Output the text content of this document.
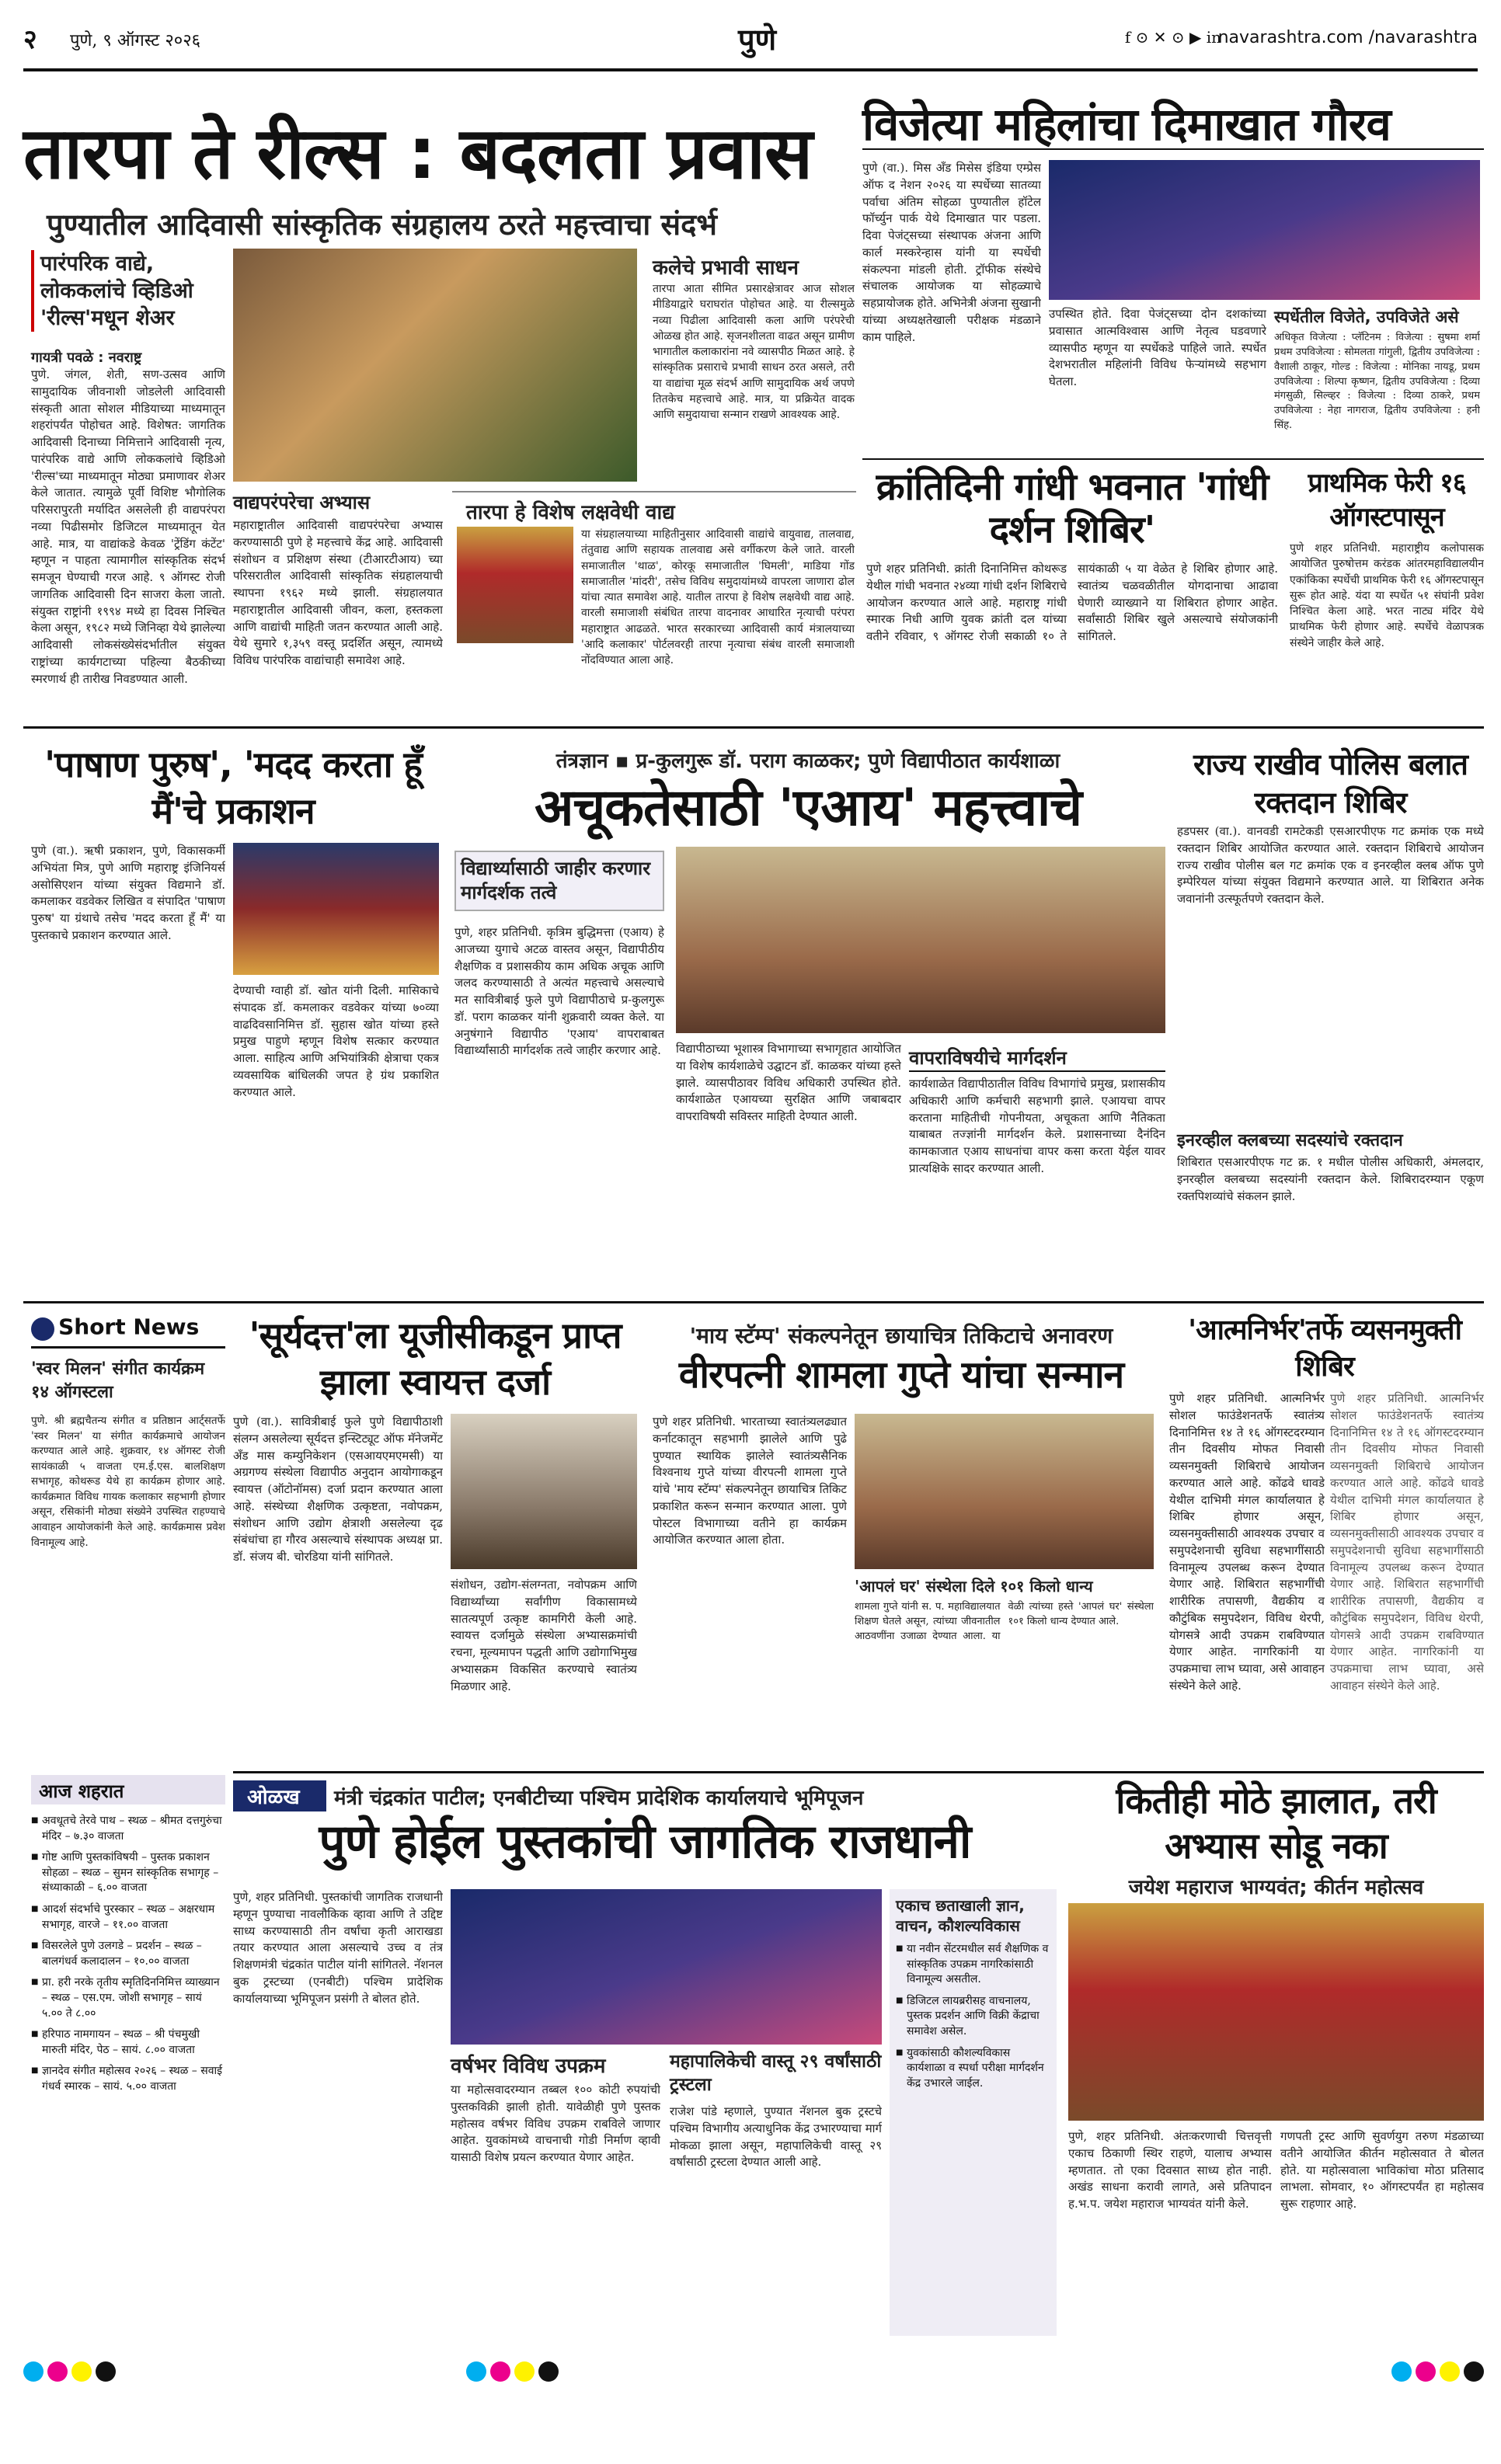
२ पुणे, ९ ऑगस्ट २०२६	पुणे	f ⊙ ✕ ⊙ ▶ in
navarashtra.com /navarashtra
तारपा ते रील्स : बदलता प्रवास
पुण्यातील आदिवासी सांस्कृतिक संग्रहालय ठरते महत्त्वाचा संदर्भ
पारंपरिक वाद्ये, लोककलांचे व्हिडिओ 'रील्स'मधून शेअर
कलेचे प्रभावी साधन
तारपा आता सीमित प्रसारक्षेत्रावर आज सोशल मीडियाद्वारे घराघरांत पोहोचत आहे. या रील्समुळे नव्या पिढीला आदिवासी कला आणि परंपरेची ओळख होत आहे. सृजनशीलता वाढत असून ग्रामीण भागातील कलाकारांना नवे व्यासपीठ मिळत आहे. हे सांस्कृतिक प्रसाराचे प्रभावी साधन ठरत असले, तरी या वाद्यांचा मूळ संदर्भ आणि सामुदायिक अर्थ जपणे तितकेच महत्त्वाचे आहे. मात्र, या प्रक्रियेत वादक आणि समुदायाचा सन्मान राखणे आवश्यक आहे.
गायत्री पवळे : नवराष्ट्र
पुणे. जंगल, शेती, सण-उत्सव आणि सामुदायिक जीवनाशी जोडलेली आदिवासी संस्कृती आता सोशल मीडियाच्या माध्यमातून शहरांपर्यंत पोहोचत आहे. विशेषत: जागतिक आदिवासी दिनाच्या निमित्ताने आदिवासी नृत्य, पारंपरिक वाद्ये आणि लोककलांचे व्हिडिओ 'रील्स'च्या माध्यमातून मोठ्या प्रमाणावर शेअर केले जातात. त्यामुळे पूर्वी विशिष्ट भौगोलिक परिसरापुरती मर्यादित असलेली ही वाद्यपरंपरा नव्या पिढीसमोर डिजिटल माध्यमातून येत आहे. मात्र, या वाद्यांकडे केवळ 'ट्रेंडिंग कंटेंट' म्हणून न पाहता त्यामागील सांस्कृतिक संदर्भ समजून घेण्याची गरज आहे. ९ ऑगस्ट रोजी जागतिक आदिवासी दिन साजरा केला जातो. संयुक्त राष्ट्रांनी १९९४ मध्ये हा दिवस निश्चित केला असून, १९८२ मध्ये जिनिव्हा येथे झालेल्या आदिवासी लोकसंख्येसंदर्भातील संयुक्त राष्ट्रांच्या कार्यगटाच्या पहिल्या बैठकीच्या स्मरणार्थ ही तारीख निवडण्यात आली.
वाद्यपरंपरेचा अभ्यास
महाराष्ट्रातील आदिवासी वाद्यपरंपरेचा अभ्यास करण्यासाठी पुणे हे महत्त्वाचे केंद्र आहे. आदिवासी संशोधन व प्रशिक्षण संस्था (टीआरटीआय) च्या परिसरातील आदिवासी सांस्कृतिक संग्रहालयाची स्थापना १९६२ मध्ये झाली. संग्रहालयात महाराष्ट्रातील आदिवासी जीवन, कला, हस्तकला आणि वाद्यांची माहिती जतन करण्यात आली आहे. येथे सुमारे १,३५९ वस्तू प्रदर्शित असून, त्यामध्ये विविध पारंपरिक वाद्यांचाही समावेश आहे.
तारपा हे विशेष लक्षवेधी वाद्य
या संग्रहालयाच्या माहितीनुसार आदिवासी वाद्यांचे वायुवाद्य, तालवाद्य, तंतुवाद्य आणि सहायक तालवाद्य असे वर्गीकरण केले जाते. वारली समाजातील 'थाळ', कोरकू समाजातील 'घिमली', माडिया गोंड समाजातील 'मांदरी', तसेच विविध समुदायांमध्ये वापरला जाणारा ढोल यांचा त्यात समावेश आहे. यातील तारपा हे विशेष लक्षवेधी वाद्य आहे. वारली समाजाशी संबंधित तारपा वादनावर आधारित नृत्याची परंपरा महाराष्ट्रात आढळते. भारत सरकारच्या आदिवासी कार्य मंत्रालयाच्या 'आदि कलाकार' पोर्टलवरही तारपा नृत्याचा संबंध वारली समाजाशी नोंदविण्यात आला आहे.
विजेत्या महिलांचा दिमाखात गौरव
पुणे (वा.). मिस अँड मिसेस इंडिया एम्प्रेस ऑफ द नेशन २०२६ या स्पर्धेच्या सातव्या पर्वाचा अंतिम सोहळा पुण्यातील हॉटेल फॉर्च्युन पार्क येथे दिमाखात पार पडला. दिवा पेजंट्सच्या संस्थापक अंजना आणि कार्ल मस्करेन्हास यांनी या स्पर्धेची संकल्पना मांडली होती. ट्रॉफीक संस्थेचे संचालक आयोजक या सोहळ्याचे सहप्रायोजक होते. अभिनेत्री अंजना सुखानी यांच्या अध्यक्षतेखाली परीक्षक मंडळाने काम पाहिले.
उपस्थित होते. दिवा पेजंट्सच्या दोन दशकांच्या प्रवासात आत्मविश्वास आणि नेतृत्व घडवणारे व्यासपीठ म्हणून या स्पर्धेकडे पाहिले जाते. स्पर्धेत देशभरातील महिलांनी विविध फेऱ्यांमध्ये सहभाग घेतला.
स्पर्धेतील विजेते, उपविजेते असे
अधिकृत विजेत्या : प्लॅटिनम : विजेत्या : सुषमा शर्मा प्रथम उपविजेत्या : सोमलता गांगुली, द्वितीय उपविजेत्या : वैशाली ठाकूर, गोल्ड : विजेत्या : मोनिका नायडू, प्रथम उपविजेत्या : शिल्पा कृष्णन, द्वितीय उपविजेत्या : दिव्या मंगसुळी, सिल्व्हर : विजेत्या : दिव्या ठाकरे, प्रथम उपविजेत्या : नेहा नागराज, द्वितीय उपविजेत्या : हनी सिंह.
क्रांतिदिनी गांधी भवनात 'गांधी दर्शन शिबिर'
पुणे शहर प्रतिनिधी. क्रांती दिनानिमित्त कोथरूड येथील गांधी भवनात २४व्या गांधी दर्शन शिबिराचे आयोजन करण्यात आले आहे. महाराष्ट्र गांधी स्मारक निधी आणि युवक क्रांती दल यांच्या वतीने रविवार, ९ ऑगस्ट रोजी सकाळी १० ते सायंकाळी ५ या वेळेत हे शिबिर होणार आहे. स्वातंत्र्य चळवळीतील योगदानाचा आढावा घेणारी व्याख्याने या शिबिरात होणार आहेत. सर्वांसाठी शिबिर खुले असल्याचे संयोजकांनी सांगितले.
प्राथमिक फेरी १६ ऑगस्टपासून
पुणे शहर प्रतिनिधी. महाराष्ट्रीय कलोपासक आयोजित पुरुषोत्तम करंडक आंतरमहाविद्यालयीन एकांकिका स्पर्धेची प्राथमिक फेरी १६ ऑगस्टपासून सुरू होत आहे. यंदा या स्पर्धेत ५१ संघांनी प्रवेश निश्चित केला आहे. भरत नाट्य मंदिर येथे प्राथमिक फेरी होणार आहे. स्पर्धेचे वेळापत्रक संस्थेने जाहीर केले आहे.
'पाषाण पुरुष', 'मदद करता हूँ मैं'चे प्रकाशन
पुणे (वा.). ऋषी प्रकाशन, पुणे, विकासकर्मी अभियंता मित्र, पुणे आणि महाराष्ट्र इंजिनियर्स असोसिएशन यांच्या संयुक्त विद्यमाने डॉ. कमलाकर वडवेकर लिखित व संपादित 'पाषाण पुरुष' या ग्रंथाचे तसेच 'मदद करता हूँ मैं' या पुस्तकाचे प्रकाशन करण्यात आले.
देण्याची ग्वाही डॉ. खोत यांनी दिली. मासिकाचे संपादक डॉ. कमलाकर वडवेकर यांच्या ७०व्या वाढदिवसानिमित्त डॉ. सुहास खोत यांच्या हस्ते प्रमुख पाहुणे म्हणून विशेष सत्कार करण्यात आला. साहित्य आणि अभियांत्रिकी क्षेत्राचा एकत्र व्यवसायिक बांधिलकी जपत हे ग्रंथ प्रकाशित करण्यात आले.
तंत्रज्ञान ▪ प्र-कुलगुरू डॉ. पराग काळकर; पुणे विद्यापीठात कार्यशाळा
अचूकतेसाठी 'एआय' महत्त्वाचे
विद्यार्थ्यासाठी जाहीर करणार मार्गदर्शक तत्वे
पुणे, शहर प्रतिनिधी. कृत्रिम बुद्धिमत्ता (एआय) हे आजच्या युगाचे अटळ वास्तव असून, विद्यापीठीय शैक्षणिक व प्रशासकीय काम अधिक अचूक आणि जलद करण्यासाठी ते अत्यंत महत्त्वाचे असल्याचे मत सावित्रीबाई फुले पुणे विद्यापीठाचे प्र-कुलगुरू डॉ. पराग काळकर यांनी शुक्रवारी व्यक्त केले. या अनुषंगाने विद्यापीठ 'एआय' वापराबाबत विद्यार्थ्यांसाठी मार्गदर्शक तत्वे जाहीर करणार आहे. विद्यापीठाच्या भूशास्त्र विभागाच्या सभागृहात आयोजित या विशेष कार्यशाळेचे उद्घाटन डॉ. काळकर यांच्या हस्ते झाले. व्यासपीठावर विविध अधिकारी उपस्थित होते. कार्यशाळेत एआयच्या सुरक्षित आणि जबाबदार वापराविषयी सविस्तर माहिती देण्यात आली.
वापराविषयीचे मार्गदर्शन
कार्यशाळेत विद्यापीठातील विविध विभागांचे प्रमुख, प्रशासकीय अधिकारी आणि कर्मचारी सहभागी झाले. एआयचा वापर करताना माहितीची गोपनीयता, अचूकता आणि नैतिकता याबाबत तज्ज्ञांनी मार्गदर्शन केले. प्रशासनाच्या दैनंदिन कामकाजात एआय साधनांचा वापर कसा करता येईल यावर प्रात्यक्षिके सादर करण्यात आली.
राज्य राखीव पोलिस बलात रक्तदान शिबिर
हडपसर (वा.). वानवडी रामटेकडी एसआरपीएफ गट क्रमांक एक मध्ये रक्तदान शिबिर आयोजित करण्यात आले. रक्तदान शिबिराचे आयोजन राज्य राखीव पोलीस बल गट क्रमांक एक व इनरव्हील क्लब ऑफ पुणे इम्पेरियल यांच्या संयुक्त विद्यमाने करण्यात आले. या शिबिरात अनेक जवानांनी उत्स्फूर्तपणे रक्तदान केले.
इनरव्हील क्लबच्या सदस्यांचे रक्तदान
शिबिरात एसआरपीएफ गट क्र. १ मधील पोलीस अधिकारी, अंमलदार, इनरव्हील क्लबच्या सदस्यांनी रक्तदान केले. शिबिरादरम्यान एकूण रक्तपिशव्यांचे संकलन झाले.
Short News
'स्वर मिलन' संगीत कार्यक्रम १४ ऑगस्टला
पुणे. श्री ब्रह्मचैतन्य संगीत व प्रतिष्ठान आर्ट्सतर्फे 'स्वर मिलन' या संगीत कार्यक्रमाचे आयोजन करण्यात आले आहे. शुक्रवार, १४ ऑगस्ट रोजी सायंकाळी ५ वाजता एम.ई.एस. बालशिक्षण सभागृह, कोथरूड येथे हा कार्यक्रम होणार आहे. कार्यक्रमात विविध गायक कलाकार सहभागी होणार असून, रसिकांनी मोठ्या संख्येने उपस्थित राहण्याचे आवाहन आयोजकांनी केले आहे. कार्यक्रमास प्रवेश विनामूल्य आहे.
आज शहरात
■ अवधूतचे तेरवे पाथ – स्थळ – श्रीमत दत्तगुरुंचा मंदिर – ७.३० वाजता
■ गोष्ट आणि पुस्तकांविषयी – पुस्तक प्रकाशन सोहळा – स्थळ – सुमन सांस्कृतिक सभागृह – संध्याकाळी – ६.०० वाजता
■ आदर्श संदर्भाचे पुरस्कार – स्थळ – अक्षरधाम सभागृह, वारजे – ११.०० वाजता
■ विसरलेले पुणे उलगडे – प्रदर्शन – स्थळ – बालगंधर्व कलादालन – १०.०० वाजता
■ प्रा. हरी नरके तृतीय स्मृतिदिननिमित्त व्याख्यान – स्थळ – एस.एम. जोशी सभागृह – सायं ५.०० ते ८.००
■ हरिपाठ नामगायन – स्थळ – श्री पंचमुखी मारुती मंदिर, पेठ – सायं. ८.०० वाजता
■ ज्ञानदेव संगीत महोत्सव २०२६ – स्थळ – सवाई गंधर्व स्मारक – सायं. ५.०० वाजता
'सूर्यदत्त'ला यूजीसीकडून प्राप्त झाला स्वायत्त दर्जा
पुणे (वा.). सावित्रीबाई फुले पुणे विद्यापीठाशी संलग्न असलेल्या सूर्यदत्त इन्स्टिट्यूट ऑफ मॅनेजमेंट अँड मास कम्युनिकेशन (एसआयएमएमसी) या अग्रगण्य संस्थेला विद्यापीठ अनुदान आयोगाकडून स्वायत्त (ऑटोनॉमस) दर्जा प्रदान करण्यात आला आहे. संस्थेच्या शैक्षणिक उत्कृष्टता, नवोपक्रम, संशोधन आणि उद्योग क्षेत्राशी असलेल्या दृढ संबंधांचा हा गौरव असल्याचे संस्थापक अध्यक्ष प्रा. डॉ. संजय बी. चोरडिया यांनी सांगितले.
संशोधन, उद्योग-संलग्नता, नवोपक्रम आणि विद्यार्थ्यांच्या सर्वांगीण विकासामध्ये सातत्यपूर्ण उत्कृष्ट कामगिरी केली आहे. स्वायत्त दर्जामुळे संस्थेला अभ्यासक्रमांची रचना, मूल्यमापन पद्धती आणि उद्योगाभिमुख अभ्यासक्रम विकसित करण्याचे स्वातंत्र्य मिळणार आहे.
'माय स्टॅम्प' संकल्पनेतून छायाचित्र तिकिटाचे अनावरण
वीरपत्नी शामला गुप्ते यांचा सन्मान
पुणे शहर प्रतिनिधी. भारताच्या स्वातंत्र्यलढ्यात कर्नाटकातून सहभागी झालेले आणि पुढे पुण्यात स्थायिक झालेले स्वातंत्र्यसैनिक विश्वनाथ गुप्ते यांच्या वीरपत्नी शामला गुप्ते यांचे 'माय स्टॅम्प' संकल्पनेतून छायाचित्र तिकिट प्रकाशित करून सन्मान करण्यात आला. पुणे पोस्टल विभागाच्या वतीने हा कार्यक्रम आयोजित करण्यात आला होता.
'आपलं घर' संस्थेला दिले १०१ किलो धान्य
शामला गुप्ते यांनी स. प. महाविद्यालयात शिक्षण घेतले असून, त्यांच्या जीवनातील आठवणींना उजाळा देण्यात आला. या वेळी त्यांच्या हस्ते 'आपलं घर' संस्थेला १०१ किलो धान्य देण्यात आले.
'आत्मनिर्भर'तर्फे व्यसनमुक्ती शिबिर
पुणे शहर प्रतिनिधी. आत्मनिर्भर सोशल फाउंडेशनतर्फे स्वातंत्र्य दिनानिमित्त १४ ते १६ ऑगस्टदरम्यान तीन दिवसीय मोफत निवासी व्यसनमुक्ती शिबिराचे आयोजन करण्यात आले आहे. कोंढवे धावडे येथील दाभिमी मंगल कार्यालयात हे शिबिर होणार असून, व्यसनमुक्तीसाठी आवश्यक उपचार व समुपदेशनाची सुविधा सहभागींसाठी विनामूल्य उपलब्ध करून देण्यात येणार आहे. शिबिरात सहभागींची शारीरिक तपासणी, वैद्यकीय व कौटुंबिक समुपदेशन, विविध थेरपी, योगसत्रे आदी उपक्रम राबविण्यात येणार आहेत. नागरिकांनी या उपक्रमाचा लाभ घ्यावा, असे आवाहन संस्थेने केले आहे.
पुणे शहर प्रतिनिधी. आत्मनिर्भर सोशल फाउंडेशनतर्फे स्वातंत्र्य दिनानिमित्त १४ ते १६ ऑगस्टदरम्यान तीन दिवसीय मोफत निवासी व्यसनमुक्ती शिबिराचे आयोजन करण्यात आले आहे. कोंढवे धावडे येथील दाभिमी मंगल कार्यालयात हे शिबिर होणार असून, व्यसनमुक्तीसाठी आवश्यक उपचार व समुपदेशनाची सुविधा सहभागींसाठी विनामूल्य उपलब्ध करून देण्यात येणार आहे. शिबिरात सहभागींची शारीरिक तपासणी, वैद्यकीय व कौटुंबिक समुपदेशन, विविध थेरपी, योगसत्रे आदी उपक्रम राबविण्यात येणार आहेत. नागरिकांनी या उपक्रमाचा लाभ घ्यावा, असे आवाहन संस्थेने केले आहे.
ओळख	मंत्री चंद्रकांत पाटील; एनबीटीच्या पश्चिम प्रादेशिक कार्यालयाचे भूमिपूजन
पुणे होईल पुस्तकांची जागतिक राजधानी
पुणे, शहर प्रतिनिधी. पुस्तकांची जागतिक राजधानी म्हणून पुण्याचा नावलौकिक व्हावा आणि ते उद्दिष्ट साध्य करण्यासाठी तीन वर्षांचा कृती आराखडा तयार करण्यात आला असल्याचे उच्च व तंत्र शिक्षणमंत्री चंद्रकांत पाटील यांनी सांगितले. नॅशनल बुक ट्रस्टच्या (एनबीटी) पश्चिम प्रादेशिक कार्यालयाच्या भूमिपूजन प्रसंगी ते बोलत होते.
वर्षभर विविध उपक्रम
या महोत्सवादरम्यान तब्बल १०० कोटी रुपयांची पुस्तकविक्री झाली होती. यावेळीही पुणे पुस्तक महोत्सव वर्षभर विविध उपक्रम राबविले जाणार आहेत. युवकांमध्ये वाचनाची गोडी निर्माण व्हावी यासाठी विशेष प्रयत्न करण्यात येणार आहेत.
महापालिकेची वास्तू २९ वर्षांसाठी ट्रस्टला
राजेश पांडे म्हणाले, पुण्यात नॅशनल बुक ट्रस्टचे पश्चिम विभागीय अत्याधुनिक केंद्र उभारण्याचा मार्ग मोकळा झाला असून, महापालिकेची वास्तू २९ वर्षांसाठी ट्रस्टला देण्यात आली आहे.
एकाच छताखाली ज्ञान, वाचन, कौशल्यविकास
■ या नवीन सेंटरमधील सर्व शैक्षणिक व सांस्कृतिक उपक्रम नागरिकांसाठी विनामूल्य असतील.
■ डिजिटल लायब्ररीसह वाचनालय, पुस्तक प्रदर्शन आणि विक्री केंद्राचा समावेश असेल.
■ युवकांसाठी कौशल्यविकास कार्यशाळा व स्पर्धा परीक्षा मार्गदर्शन केंद्र उभारले जाईल.
कितीही मोठे झालात, तरी अभ्यास सोडू नका
जयेश महाराज भाग्यवंत; कीर्तन महोत्सव
पुणे, शहर प्रतिनिधी. अंतःकरणाची चित्तवृत्ती एकाच ठिकाणी स्थिर राहणे, यालाच अभ्यास म्हणतात. तो एका दिवसात साध्य होत नाही. अखंड साधना करावी लागते, असे प्रतिपादन ह.भ.प. जयेश महाराज भाग्यवंत यांनी केले.
गणपती ट्रस्ट आणि सुवर्णयुग तरुण मंडळाच्या वतीने आयोजित कीर्तन महोत्सवात ते बोलत होते. या महोत्सवाला भाविकांचा मोठा प्रतिसाद लाभला. सोमवार, १० ऑगस्टपर्यंत हा महोत्सव सुरू राहणार आहे.
